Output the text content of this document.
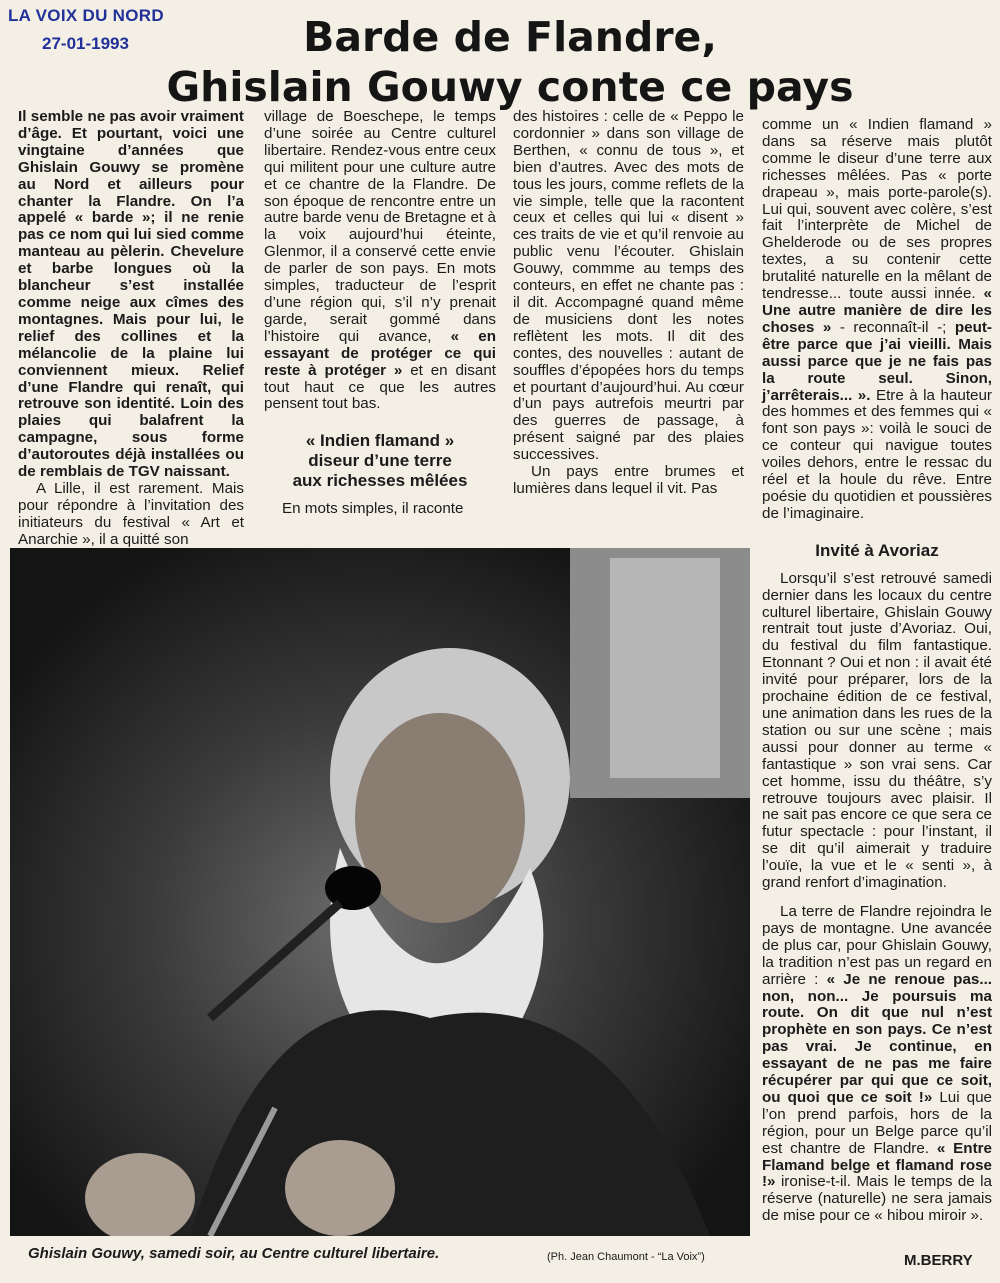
LA VOIX DU NORD
27-01-1993	Barde de Flandre,
Ghislain Gouwy conte ce pays

Il semble ne pas avoir vraiment d’âge. Et pourtant, voici une vingtaine d’années que Ghislain Gouwy se promène au Nord et ailleurs pour chanter la Flandre. On l’a appelé « barde »; il ne renie pas ce nom qui lui sied comme manteau au pèlerin. Chevelure et barbe longues où la blancheur s’est installée comme neige aux cîmes des montagnes. Mais pour lui, le relief des collines et la mélancolie de la plaine lui conviennent mieux. Relief d’une Flandre qui renaît, qui retrouve son identité. Loin des plaies qui balafrent la campagne, sous forme d’autoroutes déjà installées ou de remblais de TGV naissant.

A Lille, il est rarement. Mais pour répondre à l’invitation des initiateurs du festival « Art et Anarchie », il a quitté son

village de Boeschepe, le temps d’une soirée au Centre culturel libertaire. Rendez-vous entre ceux qui militent pour une culture autre et ce chantre de la Flandre. De son époque de rencontre entre un autre barde venu de Bretagne et à la voix aujourd’hui éteinte, Glenmor, il a conservé cette envie de parler de son pays. En mots simples, traducteur de l’esprit d’une région qui, s’il n’y prenait garde, serait gommé dans l’histoire qui avance, « en essayant de protéger ce qui reste à protéger » et en disant tout haut ce que les autres pensent tout bas.

« Indien flamand »
diseur d’une terre
aux richesses mêlées

En mots simples, il raconte

des histoires : celle de « Peppo le cordonnier » dans son village de Berthen, « connu de tous », et bien d’autres. Avec des mots de tous les jours, comme reflets de la vie simple, telle que la racontent ceux et celles qui lui « disent » ces traits de vie et qu’il renvoie au public venu l’écouter. Ghislain Gouwy, commme au temps des conteurs, en effet ne chante pas : il dit. Accompagné quand même de musiciens dont les notes reflètent les mots. Il dit des contes, des nouvelles : autant de souffles d’épopées hors du temps et pourtant d’aujourd’hui. Au cœur d’un pays autrefois meurtri par des guerres de passage, à présent saigné par des plaies successives.

Un pays entre brumes et lumières dans lequel il vit. Pas

comme un « Indien flamand » dans sa réserve mais plutôt comme le diseur d’une terre aux richesses mêlées. Pas « porte drapeau », mais porte-parole(s). Lui qui, souvent avec colère, s’est fait l’interprète de Michel de Ghelderode ou de ses propres textes, a su contenir cette brutalité naturelle en la mêlant de tendresse... toute aussi innée. « Une autre manière de dire les choses » - reconnaît-il -; peut-être parce que j’ai vieilli. Mais aussi parce que je ne fais pas la route seul. Sinon, j’arrêterais... ». Etre à la hauteur des hommes et des femmes qui « font son pays »: voilà le souci de ce conteur qui navigue toutes voiles dehors, entre le ressac du réel et la houle du rêve. Entre poésie du quotidien et poussières de l’imaginaire.

Invité à Avoriaz

Lorsqu’il s’est retrouvé samedi dernier dans les locaux du centre culturel libertaire, Ghislain Gouwy rentrait tout juste d’Avoriaz. Oui, du festival du film fantastique. Etonnant ? Oui et non : il avait été invité pour préparer, lors de la prochaine édition de ce festival, une animation dans les rues de la station ou sur une scène ; mais aussi pour donner au terme « fantastique » son vrai sens. Car cet homme, issu du théâtre, s’y retrouve toujours avec plaisir. Il ne sait pas encore ce que sera ce futur spectacle : pour l’instant, il se dit qu’il aimerait y traduire l’ouïe, la vue et le « senti », à grand renfort d’imagination.

La terre de Flandre rejoindra le pays de montagne. Une avancée de plus car, pour Ghislain Gouwy, la tradition n’est pas un regard en arrière : « Je ne renoue pas... non, non... Je poursuis ma route. On dit que nul n’est prophète en son pays. Ce n’est pas vrai. Je continue, en essayant de ne pas me faire récupérer par qui que ce soit, ou quoi que ce soit !» Lui que l’on prend parfois, hors de la région, pour un Belge parce qu’il est chantre de Flandre. « Entre Flamand belge et flamand rose !» ironise-t-il. Mais le temps de la réserve (naturelle) ne sera jamais de mise pour ce « hibou miroir ».

Ghislain Gouwy, samedi soir, au Centre culturel libertaire.	(Ph. Jean Chaumont - “La Voix”)	M.BERRY
